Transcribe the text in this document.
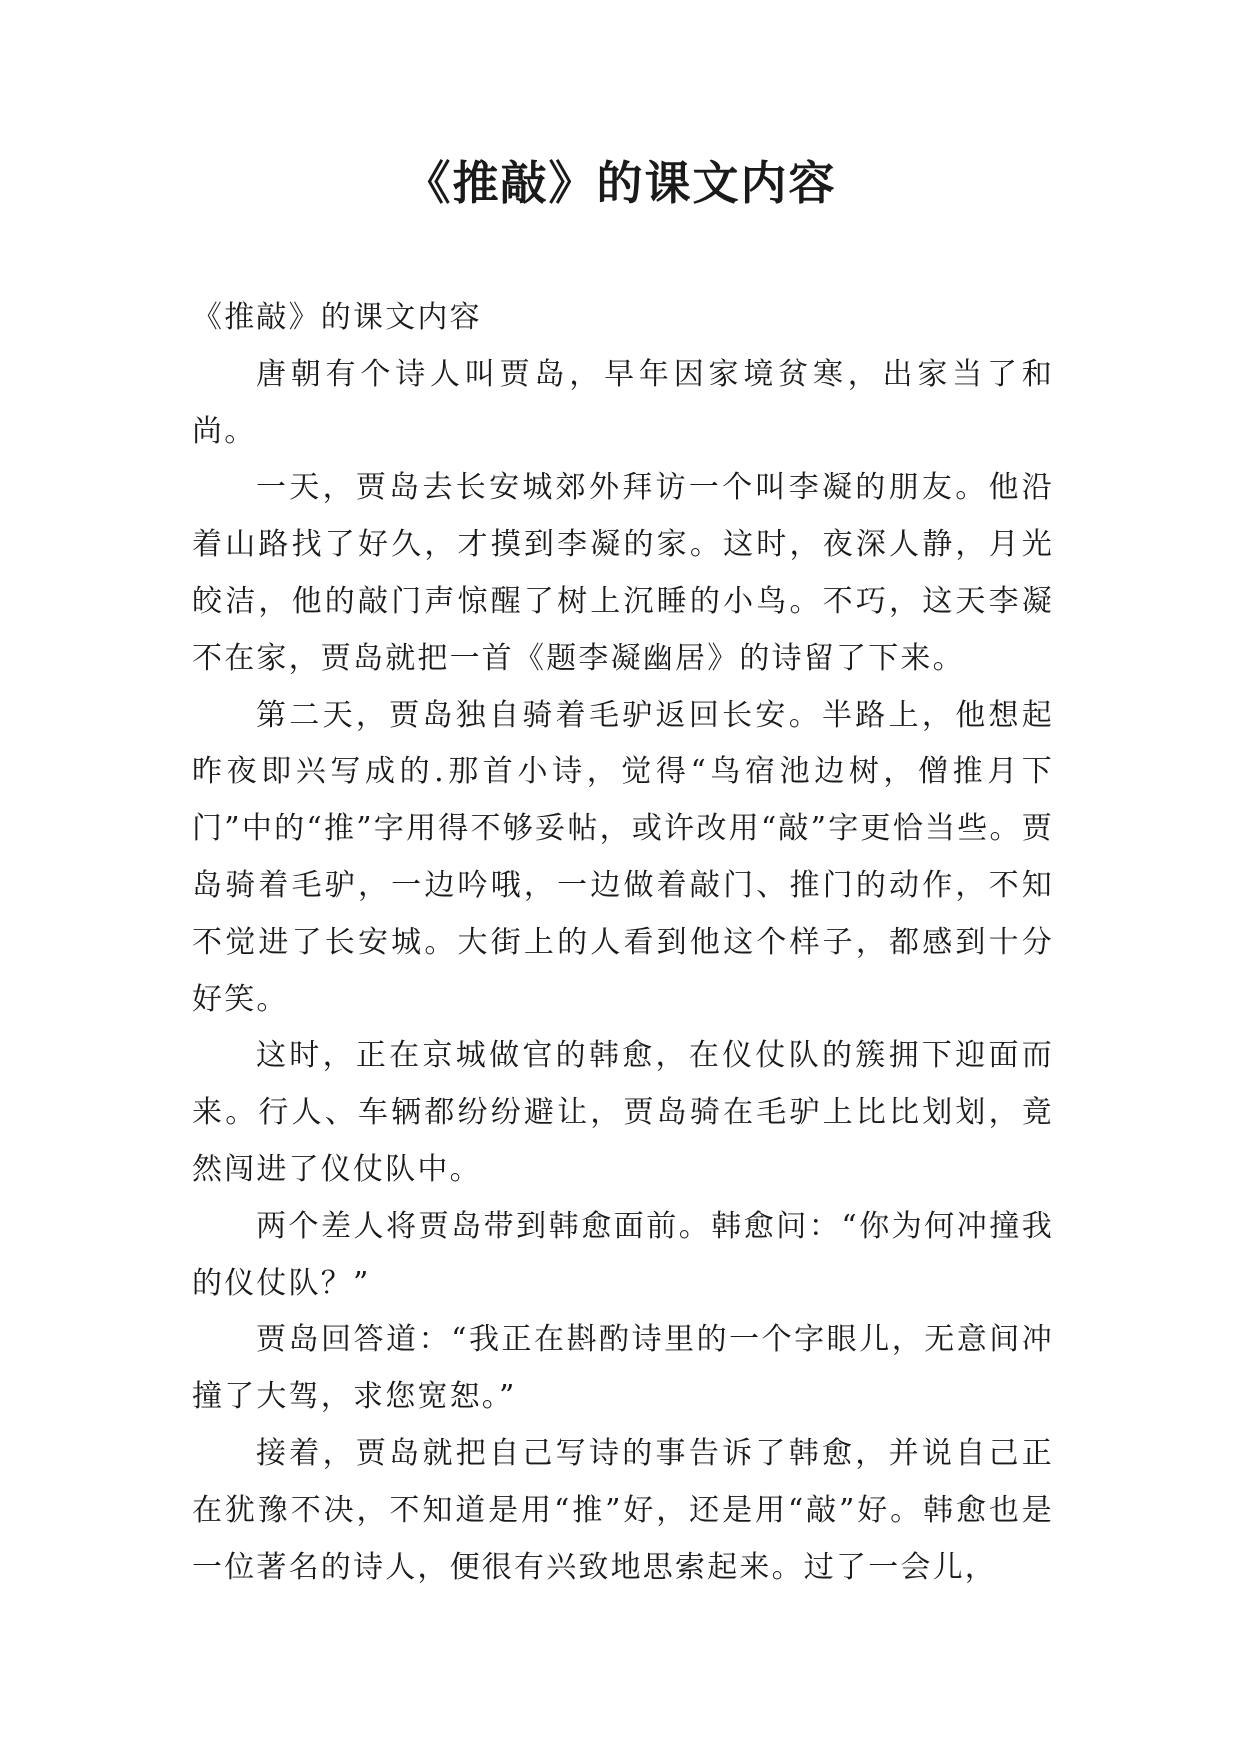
《推敲》的课文内容

《推敲》的课文内容

唐朝有个诗人叫贾岛，早年因家境贫寒，出家当了和尚。

一天，贾岛去长安城郊外拜访一个叫李凝的朋友。他沿着山路找了好久，才摸到李凝的家。这时，夜深人静，月光皎洁，他的敲门声惊醒了树上沉睡的小鸟。不巧，这天李凝不在家，贾岛就把一首《题李凝幽居》的诗留了下来。

第二天，贾岛独自骑着毛驴返回长安。半路上，他想起昨夜即兴写成的.那首小诗，觉得“鸟宿池边树，僧推月下门”中的“推”字用得不够妥帖，或许改用“敲”字更恰当些。贾岛骑着毛驴，一边吟哦，一边做着敲门、推门的动作，不知不觉进了长安城。大街上的人看到他这个样子，都感到十分好笑。

这时，正在京城做官的韩愈，在仪仗队的簇拥下迎面而来。行人、车辆都纷纷避让，贾岛骑在毛驴上比比划划，竟然闯进了仪仗队中。

两个差人将贾岛带到韩愈面前。韩愈问：“你为何冲撞我的仪仗队？”

贾岛回答道：“我正在斟酌诗里的一个字眼儿，无意间冲撞了大驾，求您宽恕。”

接着，贾岛就把自己写诗的事告诉了韩愈，并说自己正在犹豫不决，不知道是用“推”好，还是用“敲”好。韩愈也是一位著名的诗人，便很有兴致地思索起来。过了一会儿，
